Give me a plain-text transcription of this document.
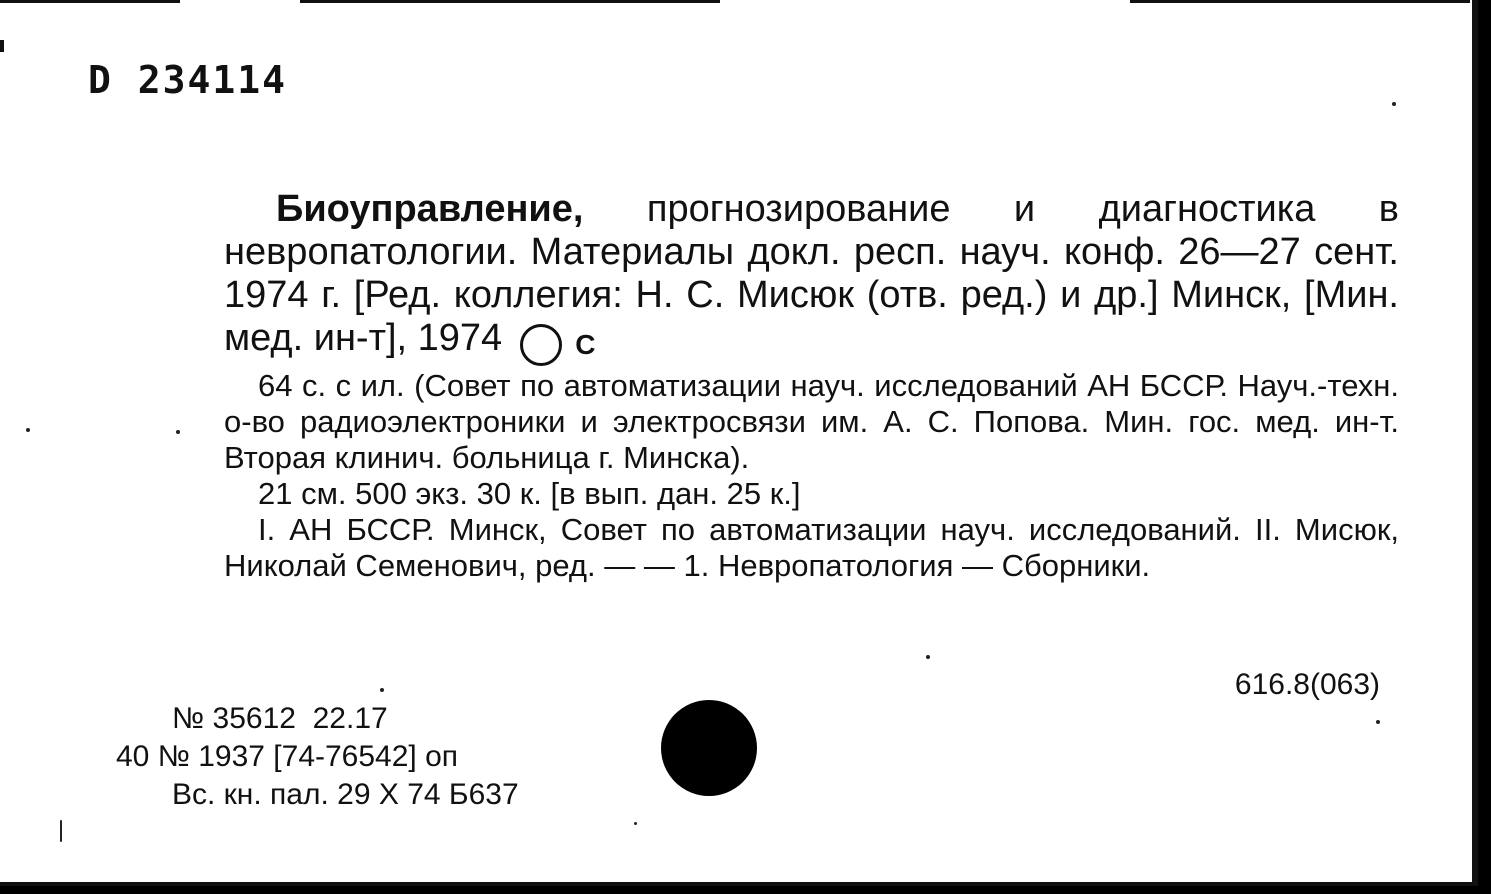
D 234114
Биоуправление, прогнозирование и диагностика в невропатологии. Материалы докл. респ. науч. конф. 26—27 сент. 1974 г. [Ред. коллегия: Н. С. Мисюк (отв. ред.) и др.] Минск, [Мин. мед. ин-т], 1974	C

64 с. с ил. (Совет по автоматизации науч. исследований АН БССР. Науч.-техн. о-во радиоэлектроники и электросвязи им. А. С. Попова. Мин. гос. мед. ин-т. Вторая клинич. больница г. Минска).

21 см. 500 экз. 30 к. [в вып. дан. 25 к.]

I. АН БССР. Минск, Совет по автоматизации науч. исследований. II. Мисюк, Николай Семенович, ред. — — 1. Невропатология — Сборники.

616.8(063)
№ 35612  22.17
40 № 1937 [74-76542] оп
Вс. кн. пал. 29 X 74 Б637
